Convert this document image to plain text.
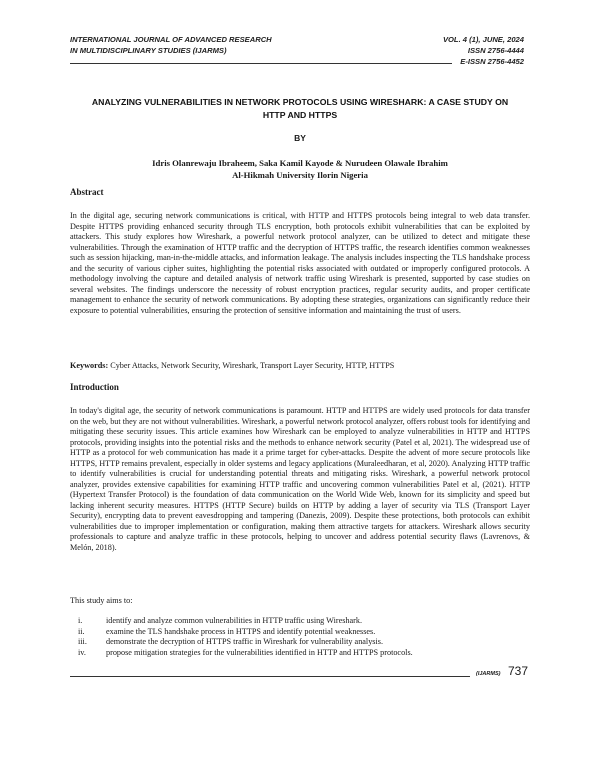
INTERNATIONAL JOURNAL OF ADVANCED RESEARCH
IN MULTIDISCIPLINARY STUDIES (IJARMS)
VOL. 4 (1), JUNE, 2024
ISSN 2756-4444
E-ISSN 2756-4452
ANALYZING VULNERABILITIES IN NETWORK PROTOCOLS USING WIRESHARK: A CASE STUDY ON HTTP AND HTTPS
BY
Idris Olanrewaju Ibraheem, Saka Kamil Kayode & Nurudeen Olawale Ibrahim
Al-Hikmah University Ilorin Nigeria
Abstract

In the digital age, securing network communications is critical, with HTTP and HTTPS protocols being integral to web data transfer. Despite HTTPS providing enhanced security through TLS encryption, both protocols exhibit vulnerabilities that can be exploited by attackers. This study explores how Wireshark, a powerful network protocol analyzer, can be utilized to detect and mitigate these vulnerabilities. Through the examination of HTTP traffic and the decryption of HTTPS traffic, the research identifies common weaknesses such as session hijacking, man-in-the-middle attacks, and information leakage. The analysis includes inspecting the TLS handshake process and the security of various cipher suites, highlighting the potential risks associated with outdated or improperly configured protocols. A methodology involving the capture and detailed analysis of network traffic using Wireshark is presented, supported by case studies on several websites. The findings underscore the necessity of robust encryption practices, regular security audits, and proper certificate management to enhance the security of network communications. By adopting these strategies, organizations can significantly reduce their exposure to potential vulnerabilities, ensuring the protection of sensitive information and maintaining the trust of users.

Keywords: Cyber Attacks, Network Security, Wireshark, Transport Layer Security, HTTP, HTTPS
Introduction

In today's digital age, the security of network communications is paramount. HTTP and HTTPS are widely used protocols for data transfer on the web, but they are not without vulnerabilities. Wireshark, a powerful network protocol analyzer, offers robust tools for identifying and mitigating these security issues. This article examines how Wireshark can be employed to analyze vulnerabilities in HTTP and HTTPS protocols, providing insights into the potential risks and the methods to enhance network security (Patel et al, 2021). The widespread use of HTTP as a protocol for web communication has made it a prime target for cyber-attacks. Despite the advent of more secure protocols like HTTPS, HTTP remains prevalent, especially in older systems and legacy applications (Muraleedharan, et al, 2020). Analyzing HTTP traffic to identify vulnerabilities is crucial for understanding potential threats and mitigating risks. Wireshark, a powerful network protocol analyzer, provides extensive capabilities for examining HTTP traffic and uncovering common vulnerabilities Patel et al, (2021). HTTP (Hypertext Transfer Protocol) is the foundation of data communication on the World Wide Web, known for its simplicity and speed but lacking inherent security measures. HTTPS (HTTP Secure) builds on HTTP by adding a layer of security via TLS (Transport Layer Security), encrypting data to prevent eavesdropping and tampering (Danezis, 2009). Despite these protections, both protocols can exhibit vulnerabilities due to improper implementation or configuration, making them attractive targets for attackers. Wireshark allows security professionals to capture and analyze traffic in these protocols, helping to uncover and address potential security flaws (Lavrenovs, & Melón, 2018).

This study aims to:
i.	identify and analyze common vulnerabilities in HTTP traffic using Wireshark.
ii.	examine the TLS handshake process in HTTPS and identify potential weaknesses.
iii.	demonstrate the decryption of HTTPS traffic in Wireshark for vulnerability analysis.
iv.	propose mitigation strategies for the vulnerabilities identified in HTTP and HTTPS protocols.
(IJARMS) 737
